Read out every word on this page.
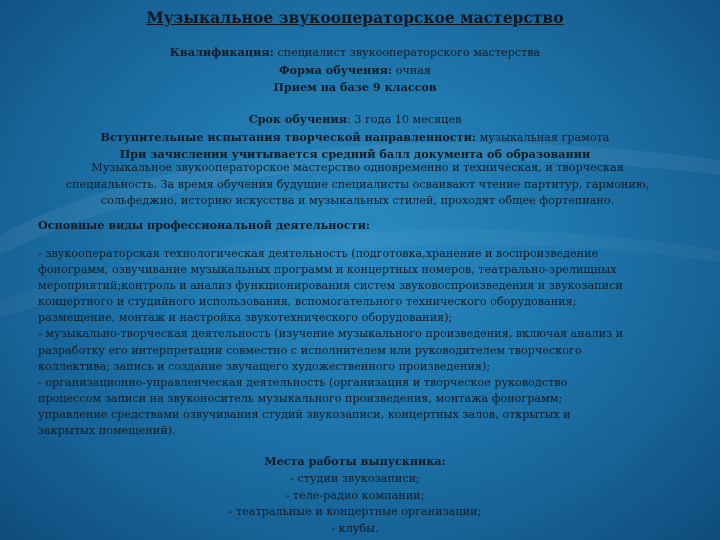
Музыкальное звукооператорское мастерство
Квалификация: специалист звукооператорского мастерства
Форма обучения: очная
Прием на базе 9 классов
Срок обучения: 3 года 10 месяцев
Вступительные испытания творческой направленности: музыкальная грамота
При зачислении учитывается средний балл документа об образовании
Музыкальное звукооператорское мастерство одновременно и техническая, и творческая
специальность. За время обучения будущие специалисты осваивают чтение партитур, гармонию,
сольфеджио, историю искусства и музыкальных стилей, проходят общее фортепиано.
Основные виды профессиональной деятельности:
- звукооператорская технологическая деятельность (подготовка,хранение и воспроизведение
фонограмм, озвучивание музыкальных программ и концертных номеров, театрально-зрелищных
мероприятий;контроль и анализ функционирования систем звуковоспроизведения и звукозаписи
концертного и студийного использования, вспомогательного технического оборудования;
размещение, монтаж и настройка звукотехнического оборудования);
- музыкально-творческая деятельность (изучение музыкального произведения, включая анализ и
разработку его интерпретации совместно с исполнителем или руководителем творческого
коллектива; запись и создание звучащего художественного произведения);
- организационно-управленческая деятельность (организация и творческое руководство
процессом записи на звуконоситель музыкального произведения, монтажа фонограмм;
управление средствами озвучивания студий звукозаписи, концертных залов, открытых и
закрытых помещений).
Места работы выпускника:
- студии звукозаписи;
- теле-радио компании;
- театральные и концертные организации;
- клубы.
